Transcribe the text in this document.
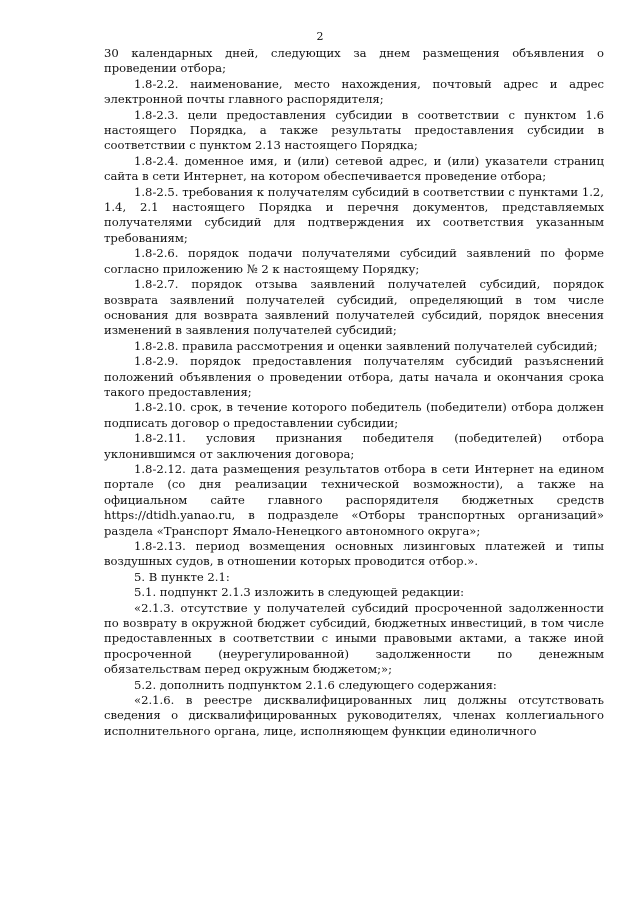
2

30 календарных дней, следующих за днем размещения объявления о проведении отбора;

1.8-2.2. наименование, место нахождения, почтовый адрес и адрес электронной почты главного распорядителя;

1.8-2.3. цели предоставления субсидии в соответствии с пунктом 1.6 настоящего Порядка, а также результаты предоставления субсидии в соответствии с пунктом 2.13 настоящего Порядка;

1.8-2.4. доменное имя, и (или) сетевой адрес, и (или) указатели страниц сайта в сети Интернет, на котором обеспечивается проведение отбора;

1.8-2.5. требования к получателям субсидий в соответствии с пунктами 1.2, 1.4, 2.1 настоящего Порядка и перечня документов, представляемых получателями субсидий для подтверждения их соответствия указанным требованиям;

1.8-2.6. порядок подачи получателями субсидий заявлений по форме согласно приложению № 2 к настоящему Порядку;

1.8-2.7. порядок отзыва заявлений получателей субсидий, порядок возврата заявлений получателей субсидий, определяющий в том числе основания для возврата заявлений получателей субсидий, порядок внесения изменений в заявления получателей субсидий;

1.8-2.8. правила рассмотрения и оценки заявлений получателей субсидий;

1.8-2.9. порядок предоставления получателям субсидий разъяснений положений объявления о проведении отбора, даты начала и окончания срока такого предоставления;

1.8-2.10. срок, в течение которого победитель (победители) отбора должен подписать договор о предоставлении субсидии;

1.8-2.11. условия признания победителя (победителей) отбора уклонившимся от заключения договора;

1.8-2.12. дата размещения результатов отбора в сети Интернет на едином портале (со дня реализации технической возможности), а также на официальном сайте главного распорядителя бюджетных средств https://dtidh.yanao.ru, в подразделе «Отборы транспортных организаций» раздела «Транспорт Ямало-Ненецкого автономного округа»;

1.8-2.13. период возмещения основных лизинговых платежей и типы воздушных судов, в отношении которых проводится отбор.».

5. В пункте 2.1:

5.1. подпункт 2.1.3 изложить в следующей редакции:

«2.1.3. отсутствие у получателей субсидий просроченной задолженности по возврату в окружной бюджет субсидий, бюджетных инвестиций, в том числе предоставленных в соответствии с иными правовыми актами, а также иной просроченной (неурегулированной) задолженности по денежным обязательствам перед окружным бюджетом;»;

5.2. дополнить подпунктом 2.1.6 следующего содержания:

«2.1.6. в реестре дисквалифицированных лиц должны отсутствовать сведения о дисквалифицированных руководителях, членах коллегиального исполнительного органа, лице, исполняющем функции единоличного
